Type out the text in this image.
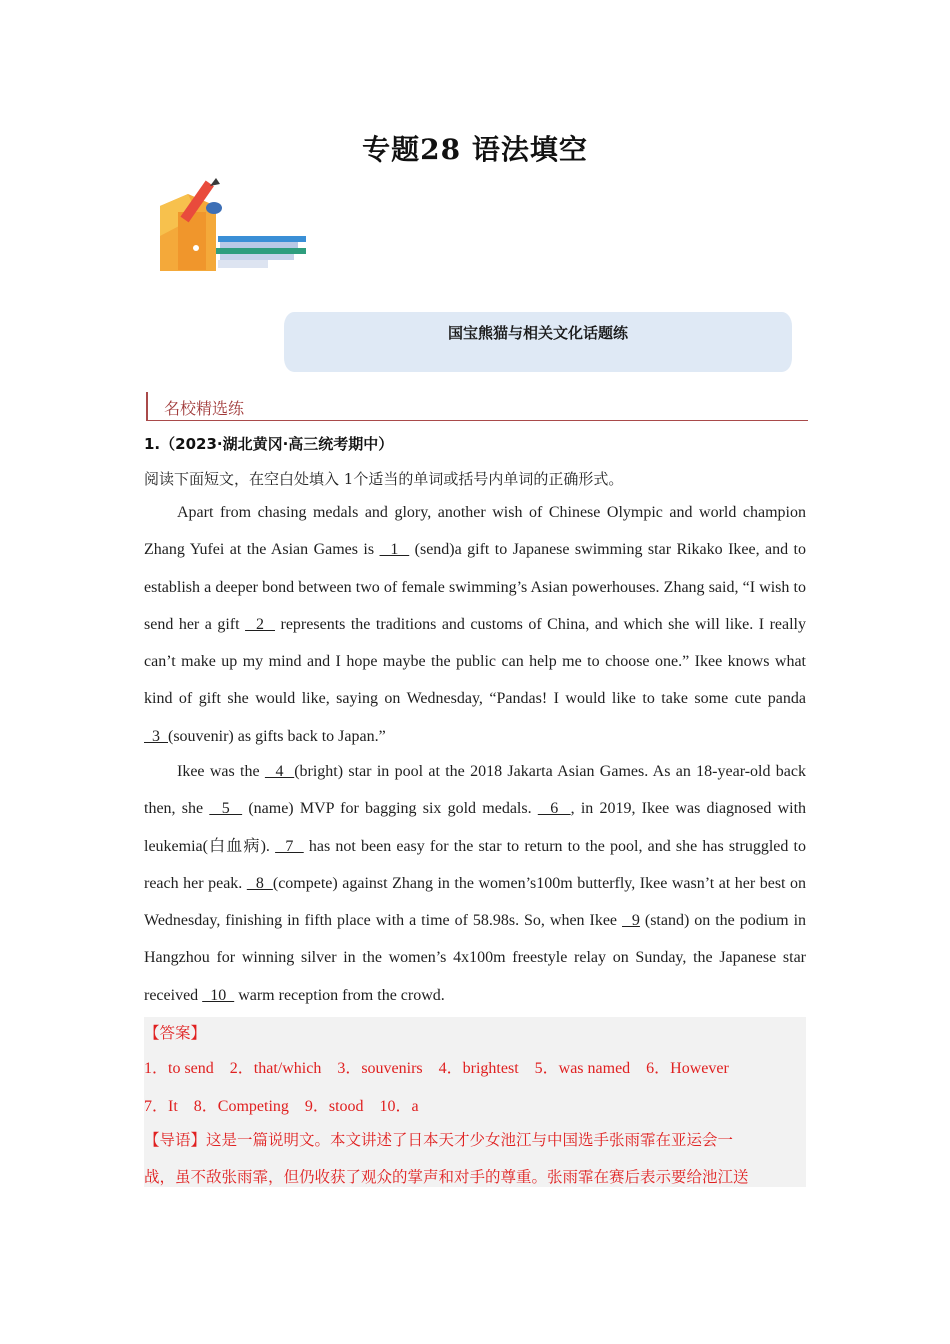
专题28 语法填空
国宝熊猫与相关文化话题练
名校精选练
1.（2023·湖北黄冈·高三统考期中）
阅读下面短文，在空白处填入 1个适当的单词或括号内单词的正确形式。

Apart from chasing medals and glory, another wish of Chinese Olympic and world champion Zhang Yufei at the Asian Games is   1   (send)a gift to Japanese swimming star Rikako Ikee, and to establish a deeper bond between two of female swimming’s Asian powerhouses. Zhang said, “I wish to send her a gift   2   represents the traditions and customs of China, and which she will like. I really can’t make up my mind and I hope maybe the public can help me to choose one.” Ikee knows what kind of gift she would like, saying on Wednesday, “Pandas! I would like to take some cute panda   3  (souvenir) as gifts back to Japan.”

Ikee was the   4  (bright) star in pool at the 2018 Jakarta Asian Games. As an 18-year-old back then, she   5   (name) MVP for bagging six gold medals.   6  , in 2019, Ikee was diagnosed with leukemia(白血病).   7   has not been easy for the star to return to the pool, and she has struggled to reach her peak.   8  (compete) against Zhang in the women’s100m butterfly, Ikee wasn’t at her best on Wednesday, finishing in fifth place with a time of 58.98s. So, when Ikee   9 (stand) on the podium in Hangzhou for winning silver in the women’s 4x100m freestyle relay on Sunday, the Japanese star received   10   warm reception from the crowd.

【答案】
1．to send    2．that/which    3．souvenirs    4．brightest    5．was named    6．However
7．It    8．Competing    9．stood    10．a
【导语】这是一篇说明文。本文讲述了日本天才少女池江与中国选手张雨霏在亚运会一
战，虽不敌张雨霏，但仍收获了观众的掌声和对手的尊重。张雨霏在赛后表示要给池江送
